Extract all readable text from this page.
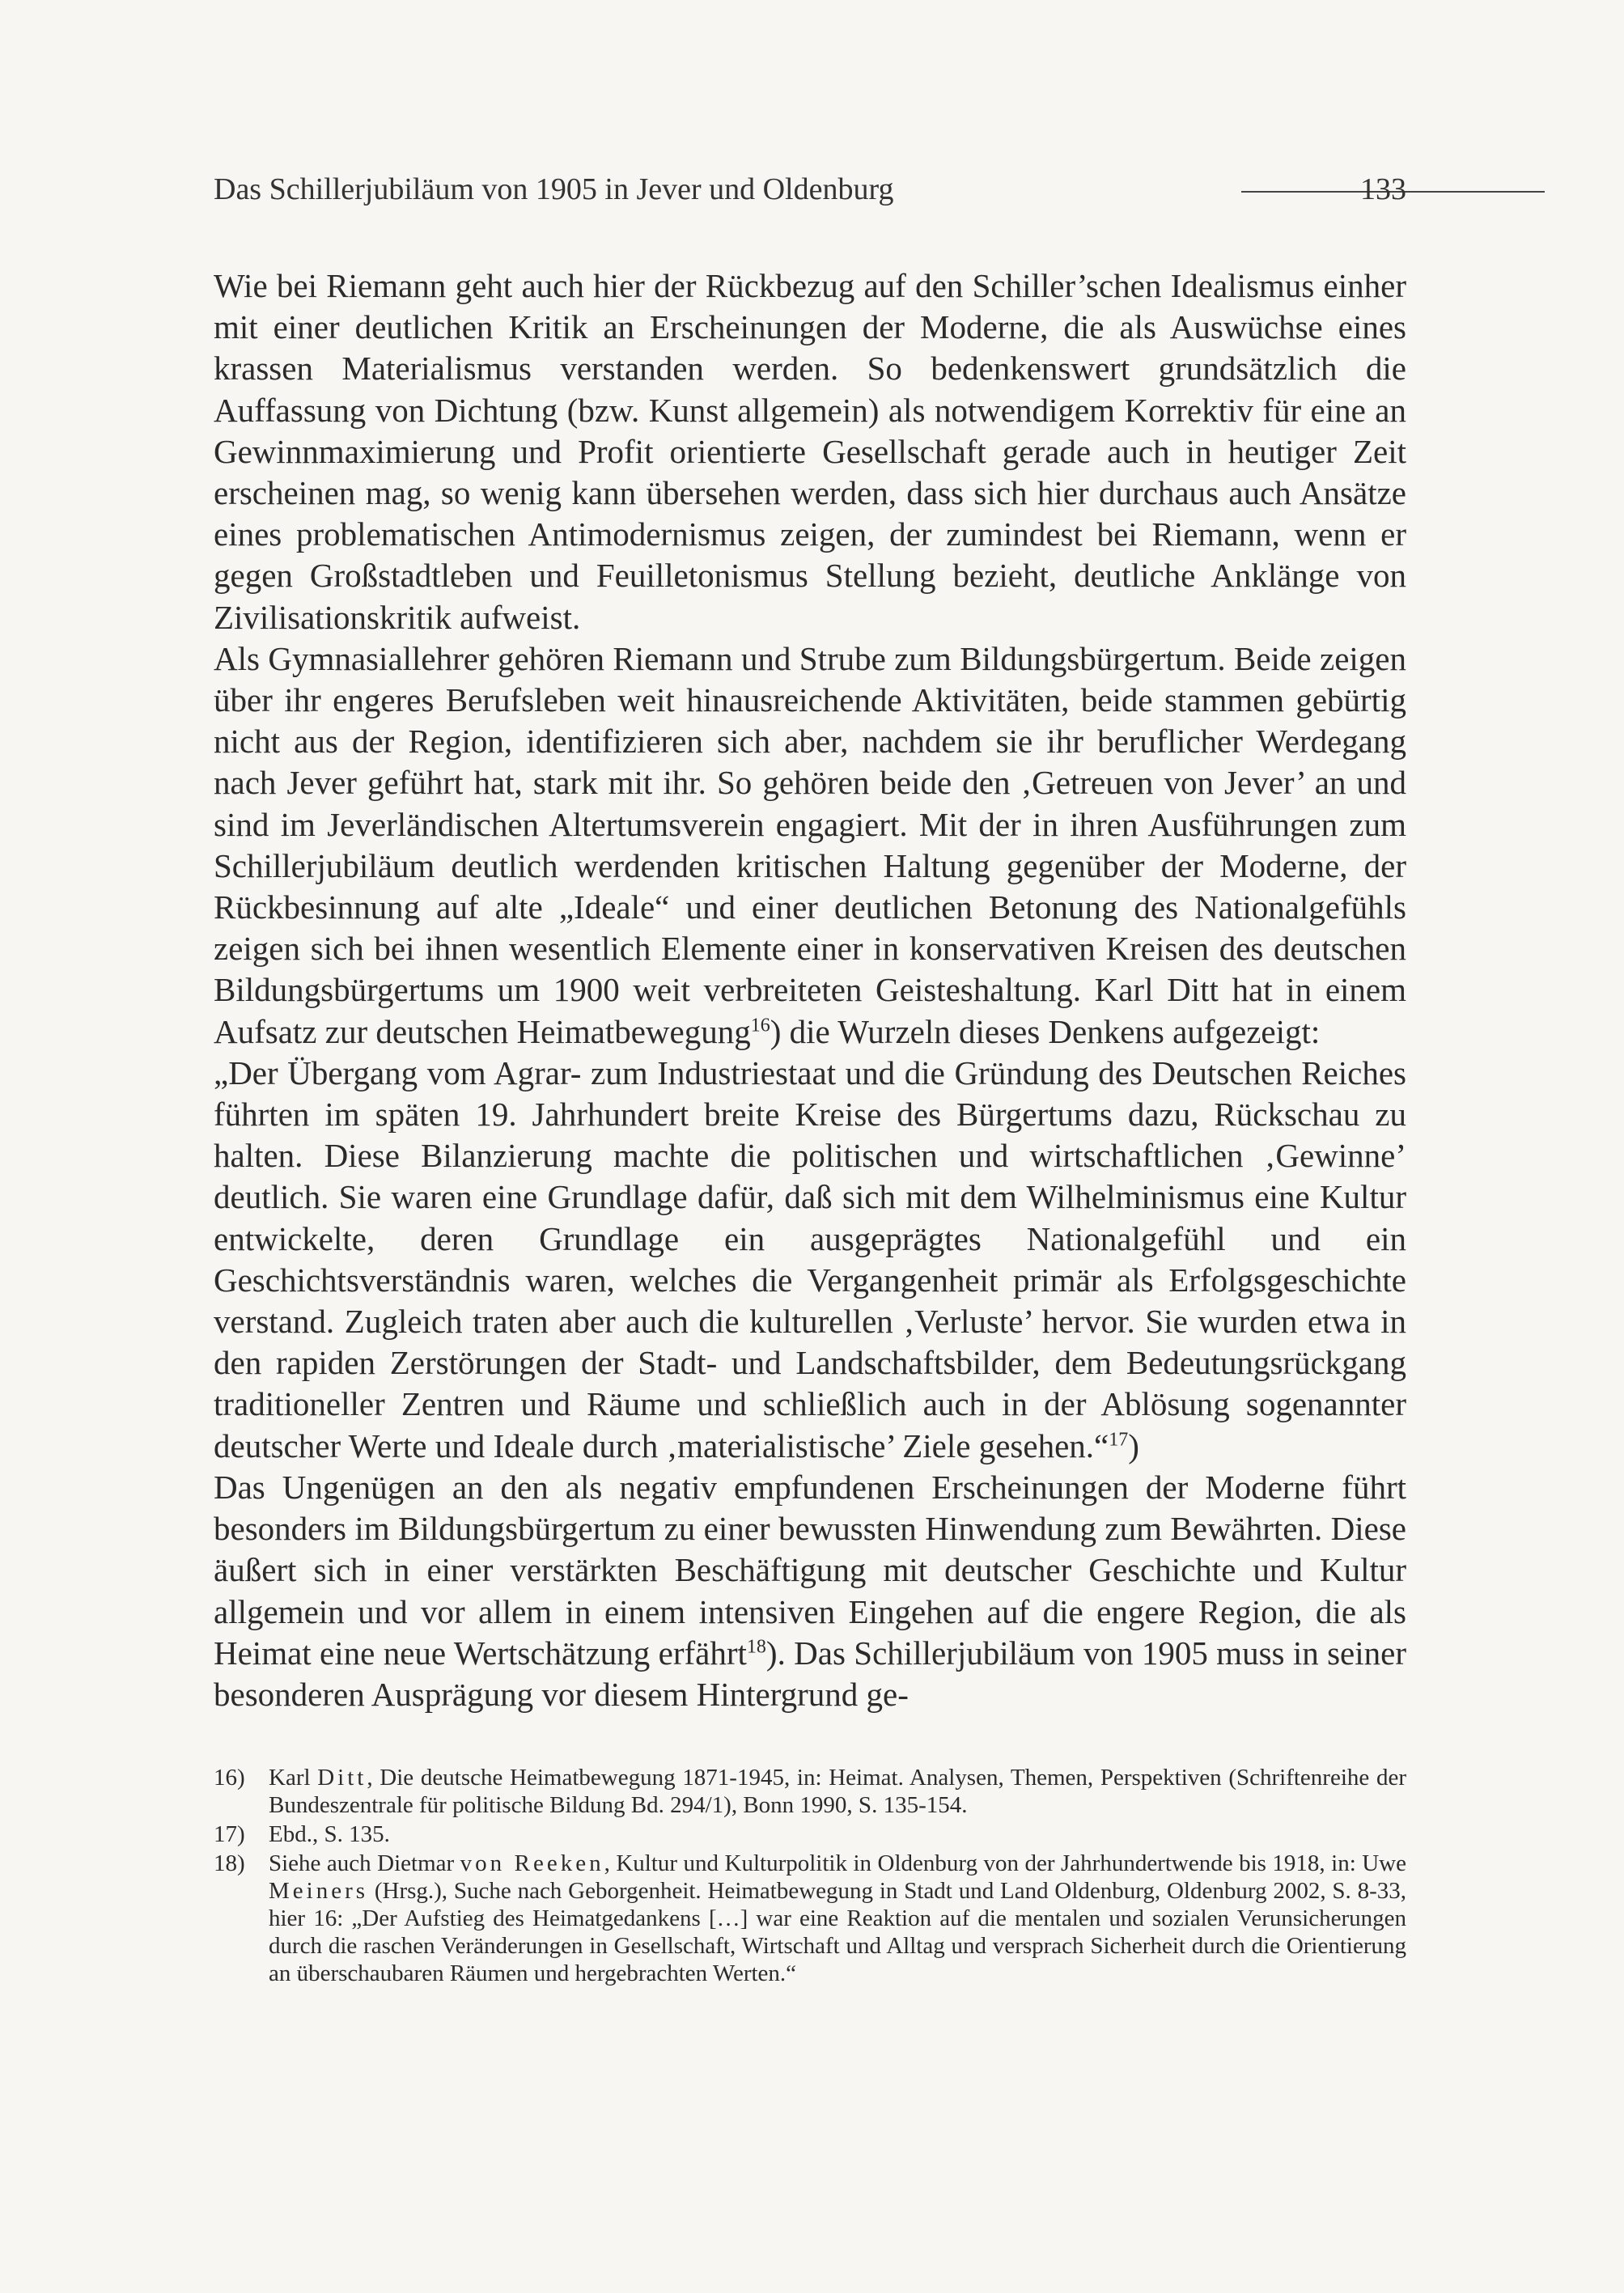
Das Schillerjubiläum von 1905 in Jever und Oldenburg	133

Wie bei Riemann geht auch hier der Rückbezug auf den Schiller’schen Idealismus einher mit einer deutlichen Kritik an Erscheinungen der Moderne, die als Auswüchse eines krassen Materialismus verstanden werden. So bedenkenswert grundsätzlich die Auffassung von Dichtung (bzw. Kunst allgemein) als notwendigem Korrektiv für eine an Gewinnmaximierung und Profit orientierte Gesellschaft gerade auch in heutiger Zeit erscheinen mag, so wenig kann übersehen werden, dass sich hier durchaus auch Ansätze eines problematischen Antimodernismus zeigen, der zumindest bei Riemann, wenn er gegen Großstadtleben und Feuilletonismus Stellung bezieht, deutliche Anklänge von Zivilisationskritik aufweist.

Als Gymnasiallehrer gehören Riemann und Strube zum Bildungsbürgertum. Beide zeigen über ihr engeres Berufsleben weit hinausreichende Aktivitäten, beide stammen gebürtig nicht aus der Region, identifizieren sich aber, nachdem sie ihr beruflicher Werdegang nach Jever geführt hat, stark mit ihr. So gehören beide den ‚Getreuen von Jever’ an und sind im Jeverländischen Altertumsverein engagiert. Mit der in ihren Ausführungen zum Schillerjubiläum deutlich werdenden kritischen Haltung gegenüber der Moderne, der Rückbesinnung auf alte „Ideale“ und einer deutlichen Betonung des Nationalgefühls zeigen sich bei ihnen wesentlich Elemente einer in konservativen Kreisen des deutschen Bildungsbürgertums um 1900 weit verbreiteten Geisteshaltung. Karl Ditt hat in einem Aufsatz zur deutschen Heimatbewegung$^{16}$) die Wurzeln dieses Denkens aufgezeigt:

„Der Übergang vom Agrar- zum Industriestaat und die Gründung des Deutschen Reiches führten im späten 19. Jahrhundert breite Kreise des Bürgertums dazu, Rückschau zu halten. Diese Bilanzierung machte die politischen und wirtschaftlichen ‚Gewinne’ deutlich. Sie waren eine Grundlage dafür, daß sich mit dem Wilhelminismus eine Kultur entwickelte, deren Grundlage ein ausgeprägtes Nationalgefühl und ein Geschichtsverständnis waren, welches die Vergangenheit primär als Erfolgsgeschichte verstand. Zugleich traten aber auch die kulturellen ‚Verluste’ hervor. Sie wurden etwa in den rapiden Zerstörungen der Stadt- und Landschaftsbilder, dem Bedeutungsrückgang traditioneller Zentren und Räume und schließlich auch in der Ablösung sogenannter deutscher Werte und Ideale durch ‚materialistische’ Ziele gesehen.“$^{17}$)

Das Ungenügen an den als negativ empfundenen Erscheinungen der Moderne führt besonders im Bildungsbürgertum zu einer bewussten Hinwendung zum Bewährten. Diese äußert sich in einer verstärkten Beschäftigung mit deutscher Geschichte und Kultur allgemein und vor allem in einem intensiven Eingehen auf die engere Region, die als Heimat eine neue Wertschätzung erfährt$^{18}$). Das Schillerjubiläum von 1905 muss in seiner besonderen Ausprägung vor diesem Hintergrund ge-

16) Karl Ditt, Die deutsche Heimatbewegung 1871-1945, in: Heimat. Analysen, Themen, Perspektiven (Schriftenreihe der Bundeszentrale für politische Bildung Bd. 294/1), Bonn 1990, S. 135-154.
17) Ebd., S. 135.
18) Siehe auch Dietmar von Reeken, Kultur und Kulturpolitik in Oldenburg von der Jahrhundertwende bis 1918, in: Uwe Meiners (Hrsg.), Suche nach Geborgenheit. Heimatbewegung in Stadt und Land Oldenburg, Oldenburg 2002, S. 8-33, hier 16: „Der Aufstieg des Heimatgedankens […] war eine Reaktion auf die mentalen und sozialen Verunsicherungen durch die raschen Veränderungen in Gesellschaft, Wirtschaft und Alltag und versprach Sicherheit durch die Orientierung an überschaubaren Räumen und hergebrachten Werten.“
